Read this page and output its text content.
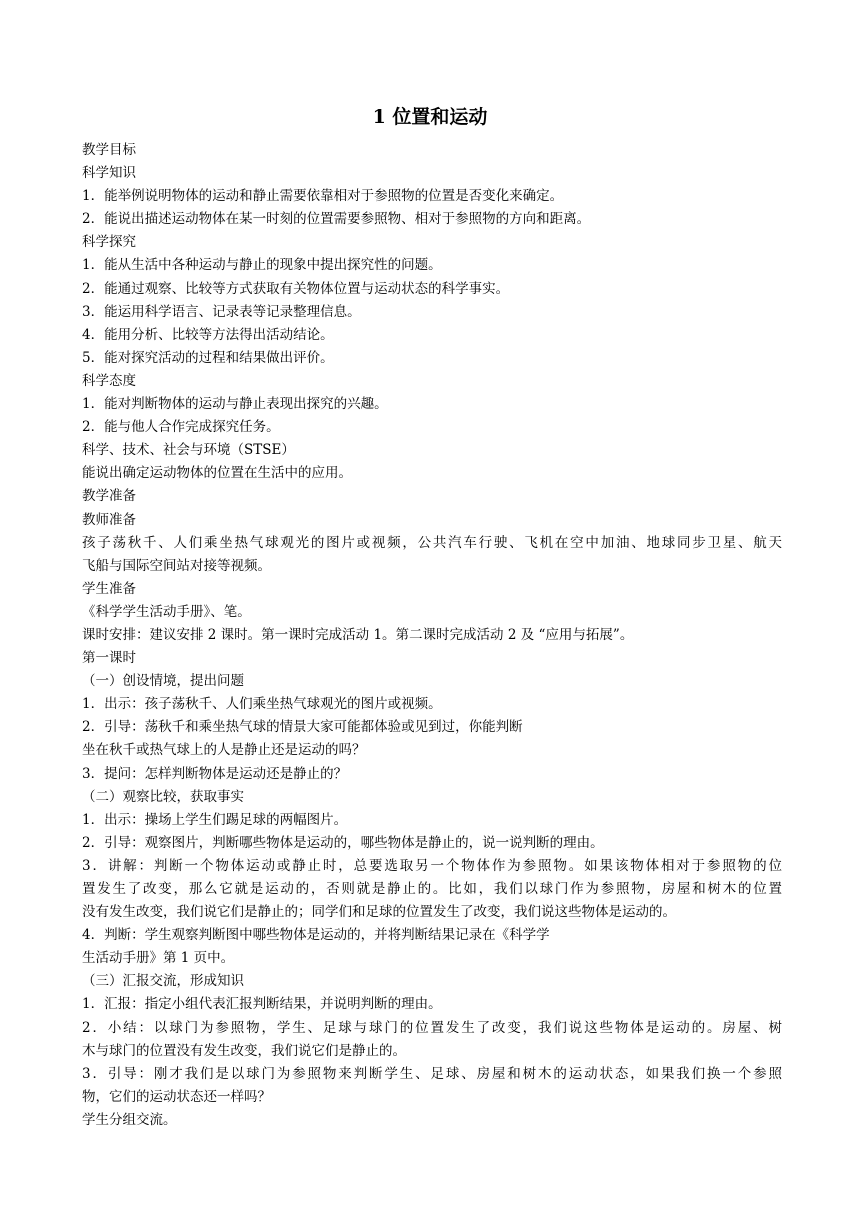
1 位置和运动
教学目标
科学知识
1．能举例说明物体的运动和静止需要依靠相对于参照物的位置是否变化来确定。
2．能说出描述运动物体在某一时刻的位置需要参照物、相对于参照物的方向和距离。
科学探究
1．能从生活中各种运动与静止的现象中提出探究性的问题。
2．能通过观察、比较等方式获取有关物体位置与运动状态的科学事实。
3．能运用科学语言、记录表等记录整理信息。
4．能用分析、比较等方法得出活动结论。
5．能对探究活动的过程和结果做出评价。
科学态度
1．能对判断物体的运动与静止表现出探究的兴趣。
2．能与他人合作完成探究任务。
科学、技术、社会与环境（STSE）
能说出确定运动物体的位置在生活中的应用。
教学准备
教师准备
孩子荡秋千、人们乘坐热气球观光的图片或视频，公共汽车行驶、飞机在空中加油、地球同步卫星、航天
飞船与国际空间站对接等视频。
学生准备
《科学学生活动手册》、笔。
课时安排：建议安排 2 课时。第一课时完成活动 1。第二课时完成活动 2 及 “应用与拓展”。
第一课时
（一）创设情境，提出问题
1．出示：孩子荡秋千、人们乘坐热气球观光的图片或视频。
2．引导：荡秋千和乘坐热气球的情景大家可能都体验或见到过，你能判断
坐在秋千或热气球上的人是静止还是运动的吗？
3．提问：怎样判断物体是运动还是静止的？
（二）观察比较，获取事实
1．出示：操场上学生们踢足球的两幅图片。
2．引导：观察图片，判断哪些物体是运动的，哪些物体是静止的，说一说判断的理由。
3．讲解：判断一个物体运动或静止时，总要选取另一个物体作为参照物。如果该物体相对于参照物的位
置发生了改变，那么它就是运动的，否则就是静止的。比如，我们以球门作为参照物，房屋和树木的位置
没有发生改变，我们说它们是静止的；同学们和足球的位置发生了改变，我们说这些物体是运动的。
4．判断：学生观察判断图中哪些物体是运动的，并将判断结果记录在《科学学
生活动手册》第 1 页中。
（三）汇报交流，形成知识
1．汇报：指定小组代表汇报判断结果，并说明判断的理由。
2．小结：以球门为参照物，学生、足球与球门的位置发生了改变，我们说这些物体是运动的。房屋、树
木与球门的位置没有发生改变，我们说它们是静止的。
3．引导：刚才我们是以球门为参照物来判断学生、足球、房屋和树木的运动状态，如果我们换一个参照
物，它们的运动状态还一样吗？
学生分组交流。
